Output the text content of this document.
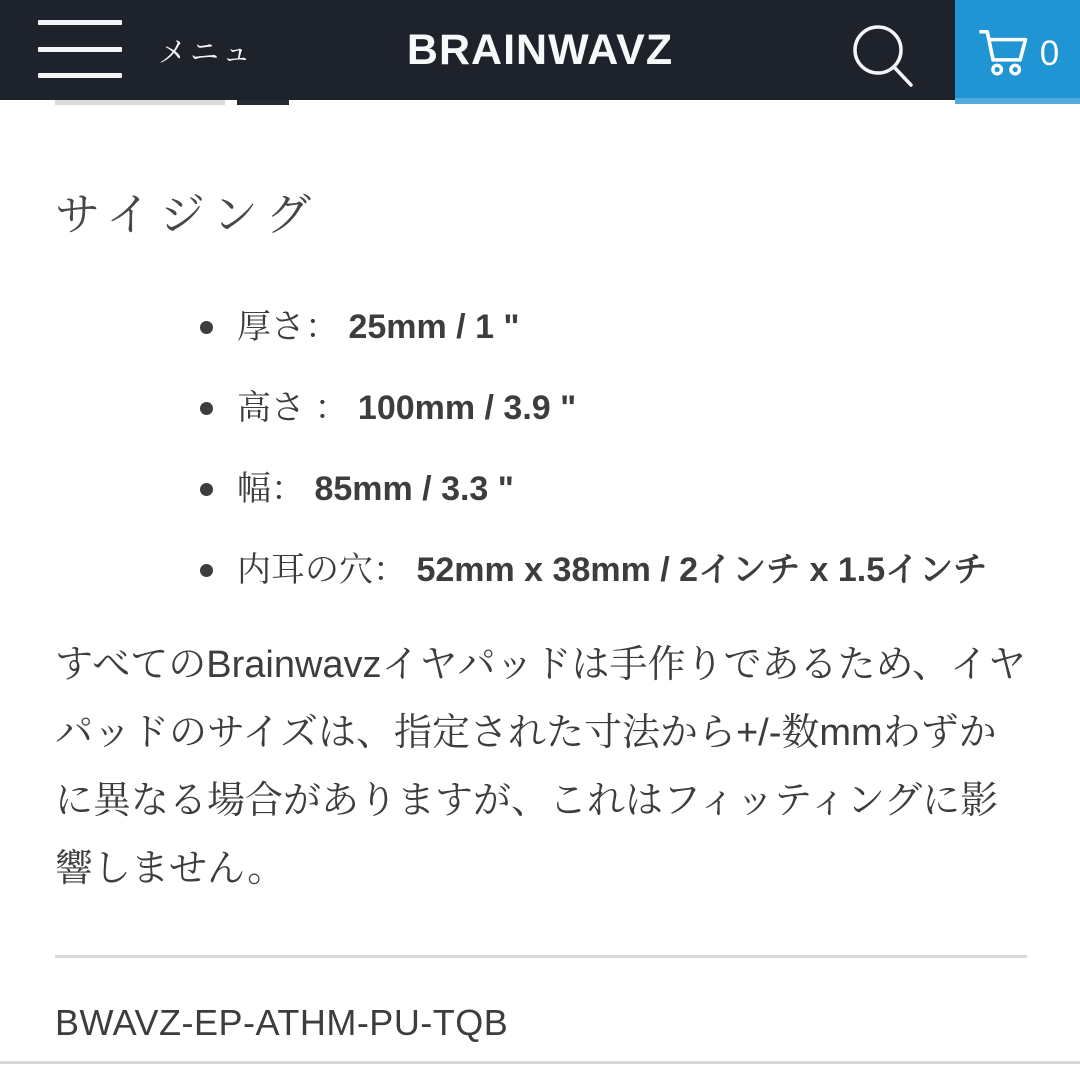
メニュ	BRAINWAVZ	0
サイジング
厚さ： 25mm / 1 "
高さ ： 100mm / 3.9 "
幅： 85mm / 3.3 "
内耳の穴： 52mm x 38mm / 2インチ x 1.5インチ

すべてのBrainwavzイヤパッドは手作りであるため、イヤパッドのサイズは、指定された寸法から+/-数mmわずかに異なる場合がありますが、これはフィッティングに影響しません。

BWAVZ-EP-ATHM-PU-TQB
